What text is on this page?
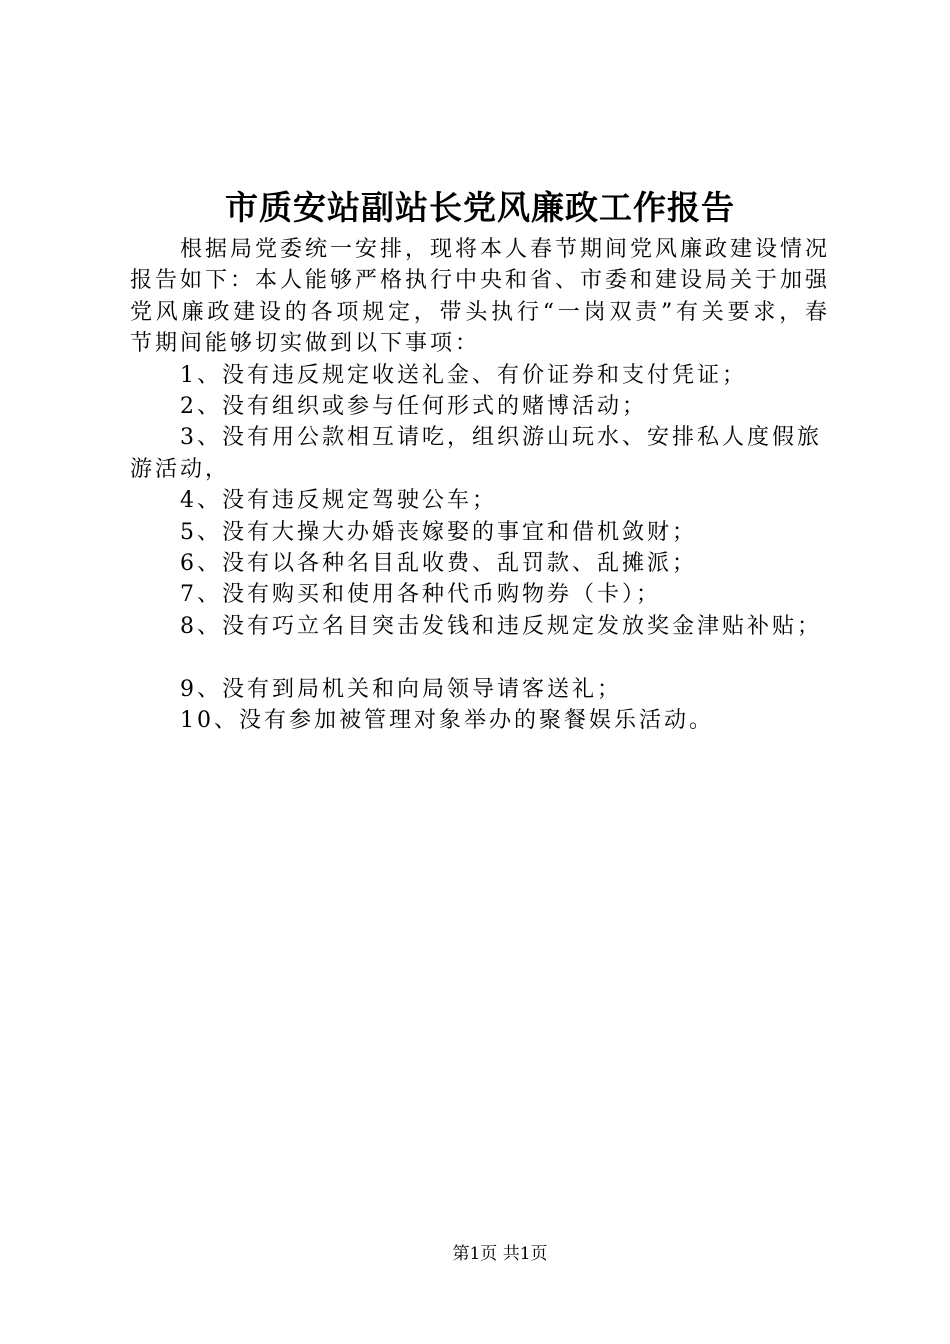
市质安站副站长党风廉政工作报告

根据局党委统一安排，现将本人春节期间党风廉政建设情况报告如下：本人能够严格执行中央和省、市委和建设局关于加强党风廉政建设的各项规定，带头执行“一岗双责”有关要求，春节期间能够切实做到以下事项：

1、没有违反规定收送礼金、有价证券和支付凭证；

2、没有组织或参与任何形式的赌博活动；

3、没有用公款相互请吃，组织游山玩水、安排私人度假旅游活动，

4、没有违反规定驾驶公车；

5、没有大操大办婚丧嫁娶的事宜和借机敛财；

6、没有以各种名目乱收费、乱罚款、乱摊派；

7、没有购买和使用各种代币购物券（卡）；

8、没有巧立名目突击发钱和违反规定发放奖金津贴补贴；

9、没有到局机关和向局领导请客送礼；

10、没有参加被管理对象举办的聚餐娱乐活动。

第1页 共1页
